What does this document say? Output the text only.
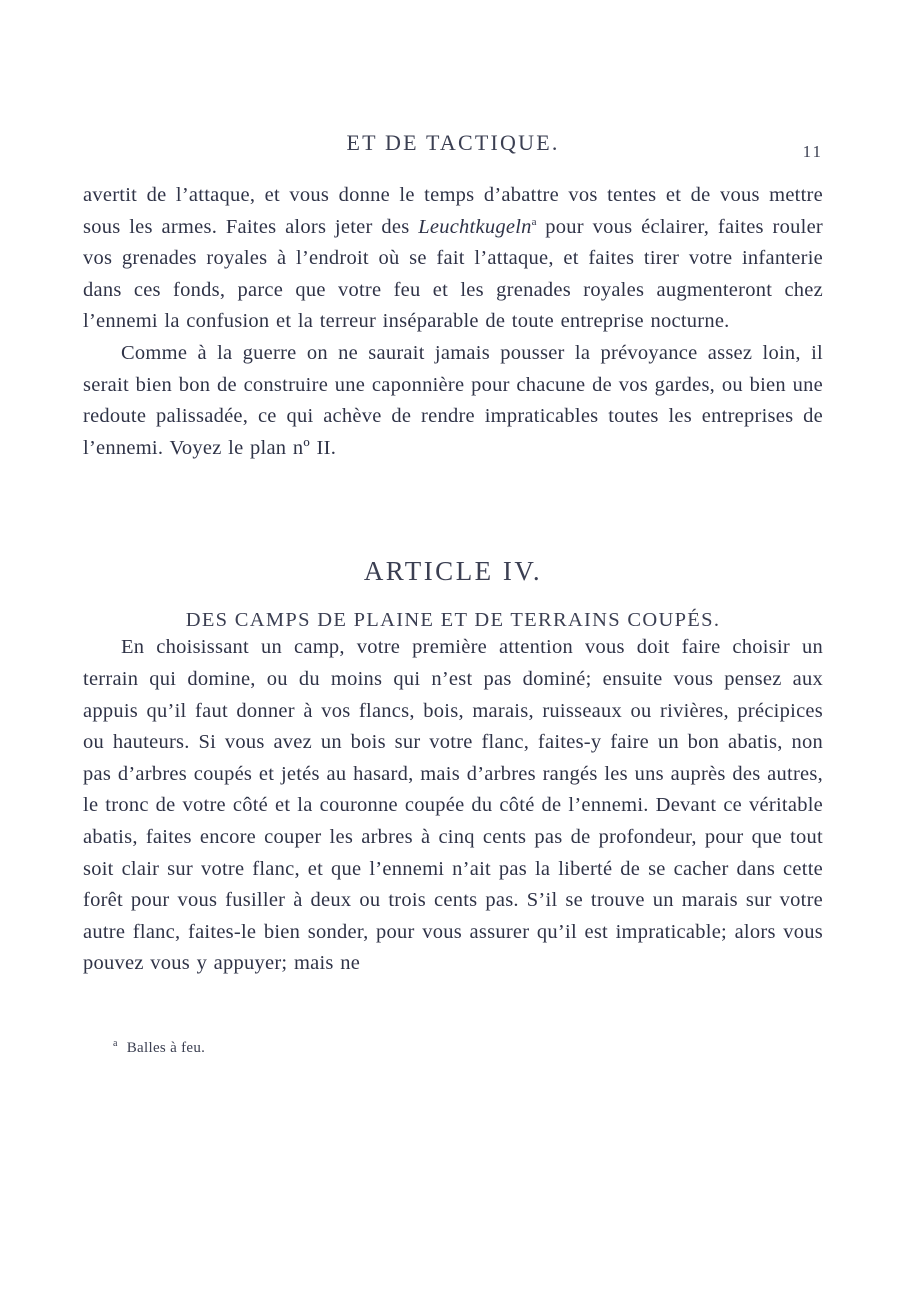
ET DE TACTIQUE.	11

avertit de l’attaque, et vous donne le temps d’abattre vos tentes et de vous mettre sous les armes. Faites alors jeter des Leuchtkugeln$^a$ pour vous éclairer, faites rouler vos grenades royales à l’endroit où se fait l’attaque, et faites tirer votre infanterie dans ces fonds, parce que votre feu et les grenades royales augmenteront chez l’ennemi la confusion et la terreur inséparable de toute entreprise nocturne.

Comme à la guerre on ne saurait jamais pousser la prévoyance assez loin, il serait bien bon de construire une caponnière pour chacune de vos gardes, ou bien une redoute palissadée, ce qui achève de rendre impraticables toutes les entreprises de l’ennemi. Voyez le plan nº II.

ARTICLE IV.
DES CAMPS DE PLAINE ET DE TERRAINS COUPÉS.

En choisissant un camp, votre première attention vous doit faire choisir un terrain qui domine, ou du moins qui n’est pas dominé; ensuite vous pensez aux appuis qu’il faut donner à vos flancs, bois, marais, ruisseaux ou rivières, précipices ou hauteurs. Si vous avez un bois sur votre flanc, faites-y faire un bon abatis, non pas d’arbres coupés et jetés au hasard, mais d’arbres rangés les uns auprès des autres, le tronc de votre côté et la couronne coupée du côté de l’ennemi. Devant ce véritable abatis, faites encore couper les arbres à cinq cents pas de profondeur, pour que tout soit clair sur votre flanc, et que l’ennemi n’ait pas la liberté de se cacher dans cette forêt pour vous fusiller à deux ou trois cents pas. S’il se trouve un marais sur votre autre flanc, faites-le bien sonder, pour vous assurer qu’il est impraticable; alors vous pouvez vous y appuyer; mais ne

$^a$ Balles à feu.
